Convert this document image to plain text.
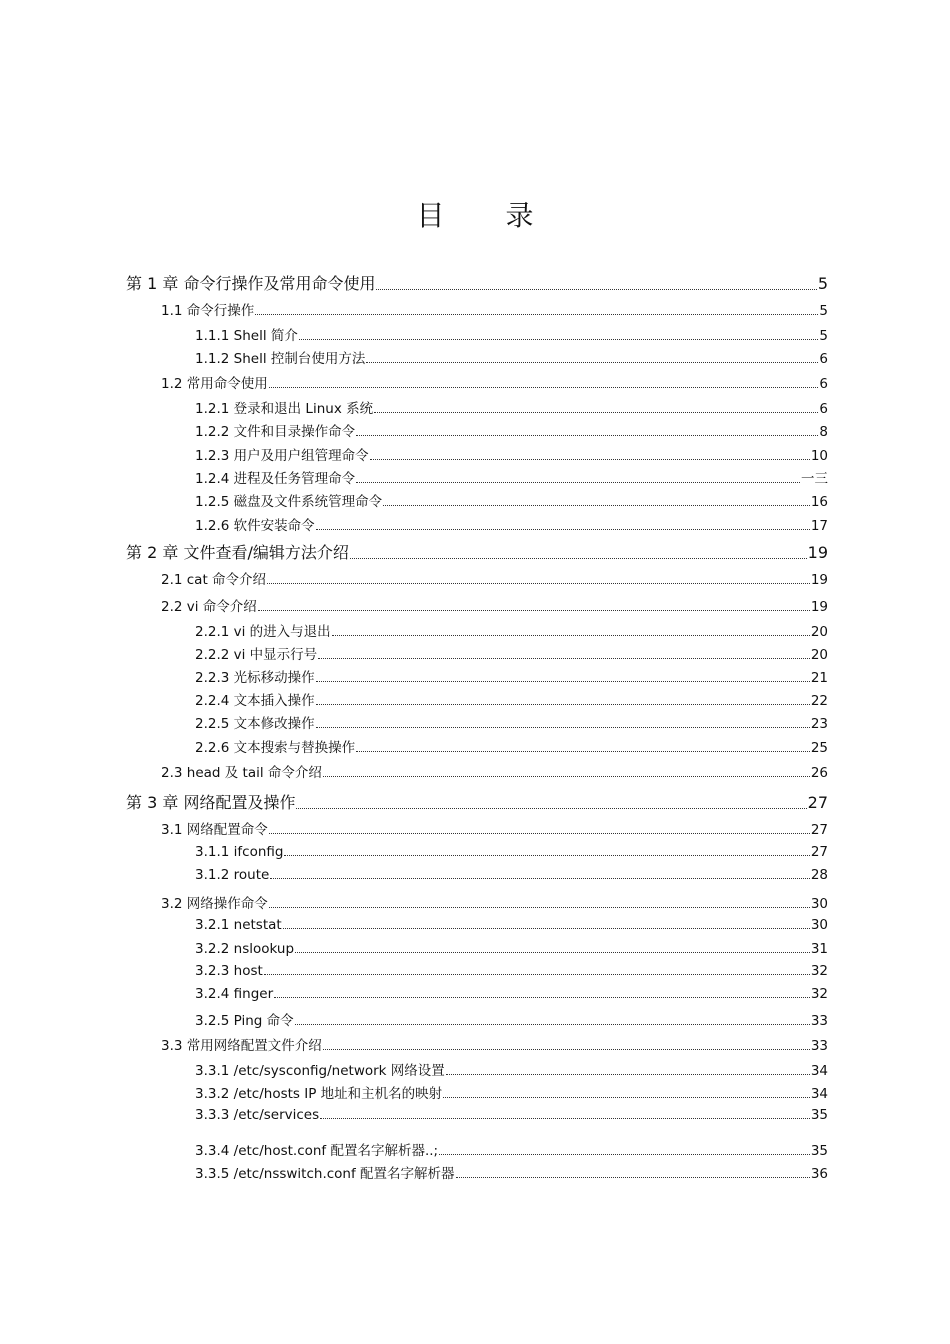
目 录
第 1 章 命令行操作及常用命令使用	5
1.1 命令行操作	5
1.1.1 Shell 简介	5
1.1.2 Shell 控制台使用方法	6
1.2 常用命令使用	6
1.2.1 登录和退出 Linux 系统	6
1.2.2 文件和目录操作命令	8
1.2.3 用户及用户组管理命令	10
1.2.4 进程及任务管理命令	一三
1.2.5 磁盘及文件系统管理命令	16
1.2.6 软件安装命令	17
第 2 章 文件查看/编辑方法介绍	19
2.1 cat 命令介绍	19
2.2 vi 命令介绍	19
2.2.1 vi 的进入与退出	20
2.2.2 vi 中显示行号	20
2.2.3 光标移动操作	21
2.2.4 文本插入操作	22
2.2.5 文本修改操作	23
2.2.6 文本搜索与替换操作	25
2.3 head 及 tail 命令介绍	26
第 3 章 网络配置及操作	27
3.1 网络配置命令	27
3.1.1 ifconfig	27
3.1.2 route	28
3.2 网络操作命令	30
3.2.1 netstat	30
3.2.2 nslookup	31
3.2.3 host	32
3.2.4 finger	32
3.2.5 Ping 命令	33
3.3 常用网络配置文件介绍	33
3.3.1 /etc/sysconfig/network 网络设置	34
3.3.2 /etc/hosts IP 地址和主机名的映射	34
3.3.3 /etc/services	35
3.3.4 /etc/host.conf 配置名字解析器..;	35
3.3.5 /etc/nsswitch.conf 配置名字解析器	36
